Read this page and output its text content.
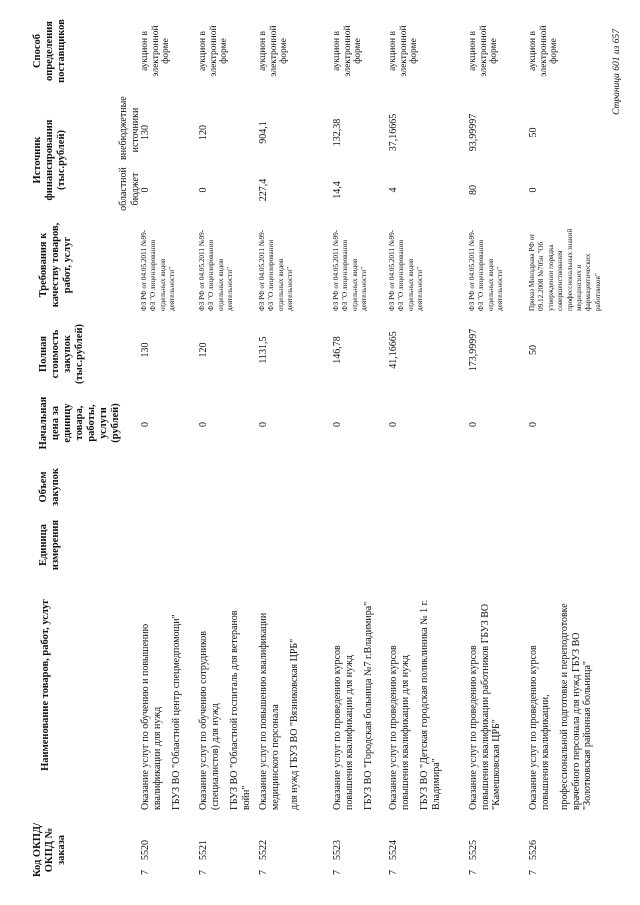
Код ОКПД/ ОКПД № заказа
Наименование товаров, работ, услуг
Единица измерения
Объем закупок
Начальная цена за единицу товара, работы, услуги (рублей)
Полная стоимость закупок (тыс.рублей)
Требования к качеству товаров, работ, услуг
Источник финансирования (тыс.рублей)	областной бюджет
внебюджетные источники
Способ определения поставщиков
7
5520
Оказание услуг по обучению и повышению квалификации для нужд ГБУЗ ВО "Областной центр спецмедпомощи"
0
130
ФЗ РФ от 04.05.2011 №99-ФЗ "О лицензировании отдельных видов деятельности"
0
130
аукцион в электронной форме
7
5521
Оказание услуг по обучению сотрудников (специалистов) для нужд ГБУЗ ВО "Областной госпиталь для ветеранов войн"
0
120
ФЗ РФ от 04.05.2011 №99-ФЗ "О лицензировании отдельных видов деятельности"
0
120
аукцион в электронной форме
7
5522
Оказание услуг по повышению квалификации медицинского персонала для нужд ГБУЗ ВО "Вязниковская ЦРБ"
0
1131,5
ФЗ РФ от 04.05.2011 №99-ФЗ "О лицензировании отдельных видов деятельности"
227,4
904,1
аукцион в электронной форме
7
5523
Оказание услуг по проведению курсов повышения квалификации для нужд ГБУЗ ВО "Городская больница №7 г.Владимира"
0
146,78
ФЗ РФ от 04.05.2011 №99-ФЗ "О лицензировании отдельных видов деятельности"
14,4
132,38
аукцион в электронной форме
7
5524
Оказание услуг по проведению курсов повышения квалификации для нужд ГБУЗ ВО "Детская городская поликлиника № 1 г. Владимира"
0
41,16665
ФЗ РФ от 04.05.2011 №99-ФЗ "О лицензировании отдельных видов деятельности"
4
37,16665
аукцион в электронной форме
7
5525
Оказание услуг по проведению курсов повышения квалификации работников ГБУЗ ВО "Камешковская ЦРБ"
0
173,99997
ФЗ РФ от 04.05.2011 №99-ФЗ "О лицензировании отдельных видов деятельности"
80
93,99997
аукцион в электронной форме
7
5526
Оказание услуг по проведению курсов повышения квалификации, профессиональной подготовке и переподготовке врачебного персонала для нужд ГБУЗ ВО "Золотковская районная больница"
0
50
Приказ Минздрава РФ от 09.12.2008 №705н "Об утверждении порядка совершенствования профессиональных знаний медицинских и фармацевтических работников"
0
50
аукцион в электронной форме	Страница 601 из 657
